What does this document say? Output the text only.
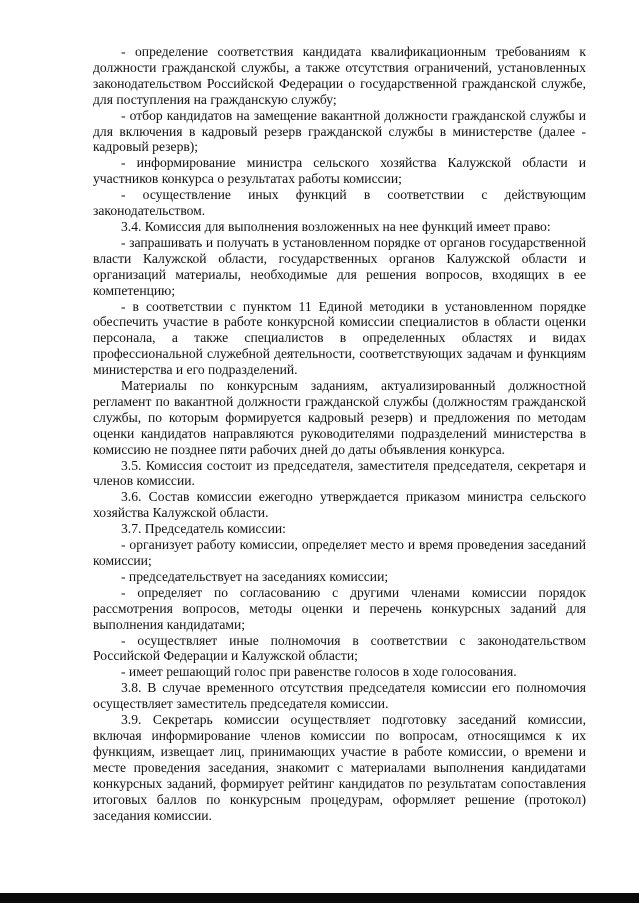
- определение соответствия кандидата квалификационным требованиям к должности гражданской службы, а также отсутствия ограничений, установленных законодательством Российской Федерации о государственной гражданской службе, для поступления на гражданскую службу;

- отбор кандидатов на замещение вакантной должности гражданской службы и для включения в кадровый резерв гражданской службы в министерстве (далее - кадровый резерв);

- информирование министра сельского хозяйства Калужской области и участников конкурса о результатах работы комиссии;

- осуществление иных функций в соответствии с действующим законодательством.

3.4. Комиссия для выполнения возложенных на нее функций имеет право:

- запрашивать и получать в установленном порядке от органов государственной власти Калужской области, государственных органов Калужской области и организаций материалы, необходимые для решения вопросов, входящих в ее компетенцию;

- в соответствии с пунктом 11 Единой методики в установленном порядке обеспечить участие в работе конкурсной комиссии специалистов в области оценки персонала, а также специалистов в определенных областях и видах профессиональной служебной деятельности, соответствующих задачам и функциям министерства и его подразделений.

Материалы по конкурсным заданиям, актуализированный должностной регламент по вакантной должности гражданской службы (должностям гражданской службы, по которым формируется кадровый резерв) и предложения по методам оценки кандидатов направляются руководителями подразделений министерства в комиссию не позднее пяти рабочих дней до даты объявления конкурса.

3.5. Комиссия состоит из председателя, заместителя председателя, секретаря и членов комиссии.

3.6. Состав комиссии ежегодно утверждается приказом министра сельского хозяйства Калужской области.

3.7. Председатель комиссии:

- организует работу комиссии, определяет место и время проведения заседаний комиссии;

- председательствует на заседаниях комиссии;

- определяет по согласованию с другими членами комиссии порядок рассмотрения вопросов, методы оценки и перечень конкурсных заданий для выполнения кандидатами;

- осуществляет иные полномочия в соответствии с законодательством Российской Федерации и Калужской области;

- имеет решающий голос при равенстве голосов в ходе голосования.

3.8. В случае временного отсутствия председателя комиссии его полномочия осуществляет заместитель председателя комиссии.

3.9. Секретарь комиссии осуществляет подготовку заседаний комиссии, включая информирование членов комиссии по вопросам, относящимся к их функциям, извещает лиц, принимающих участие в работе комиссии, о времени и месте проведения заседания, знакомит с материалами выполнения кандидатами конкурсных заданий, формирует рейтинг кандидатов по результатам сопоставления итоговых баллов по конкурсным процедурам, оформляет решение (протокол) заседания комиссии.
